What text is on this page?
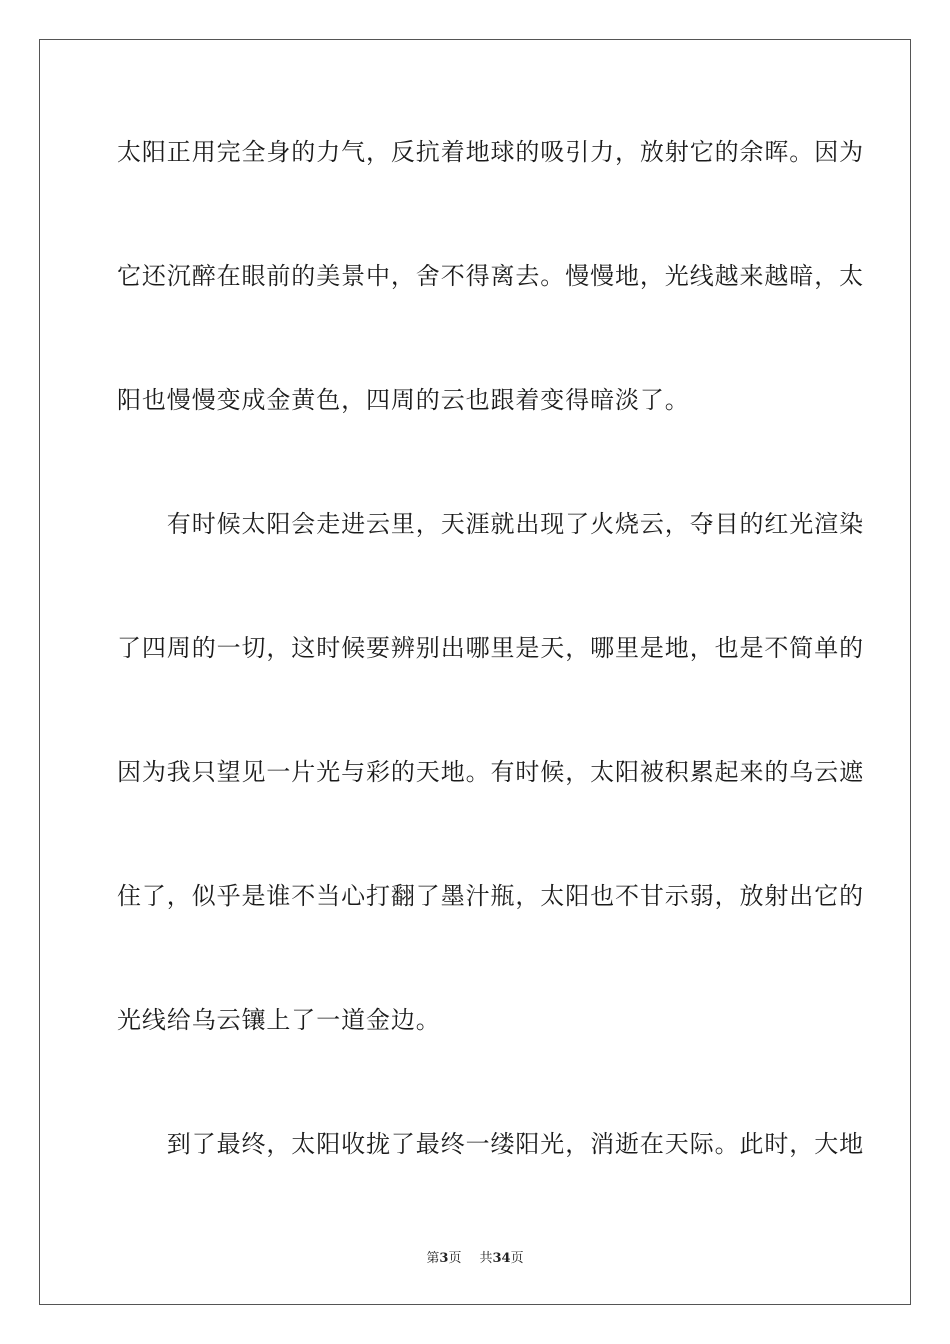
太阳正用完全身的力气，反抗着地球的吸引力，放射它的余晖。因为
它还沉醉在眼前的美景中，舍不得离去。慢慢地，光线越来越暗，太
阳也慢慢变成金黄色，四周的云也跟着变得暗淡了。
　　有时候太阳会走进云里，天涯就出现了火烧云，夺目的红光渲染
了四周的一切，这时候要辨别出哪里是天，哪里是地，也是不简单的
因为我只望见一片光与彩的天地。有时候，太阳被积累起来的乌云遮
住了，似乎是谁不当心打翻了墨汁瓶，太阳也不甘示弱，放射出它的
光线给乌云镶上了一道金边。
　　到了最终，太阳收拢了最终一缕阳光，消逝在天际。此时，大地
第3页 共34页
